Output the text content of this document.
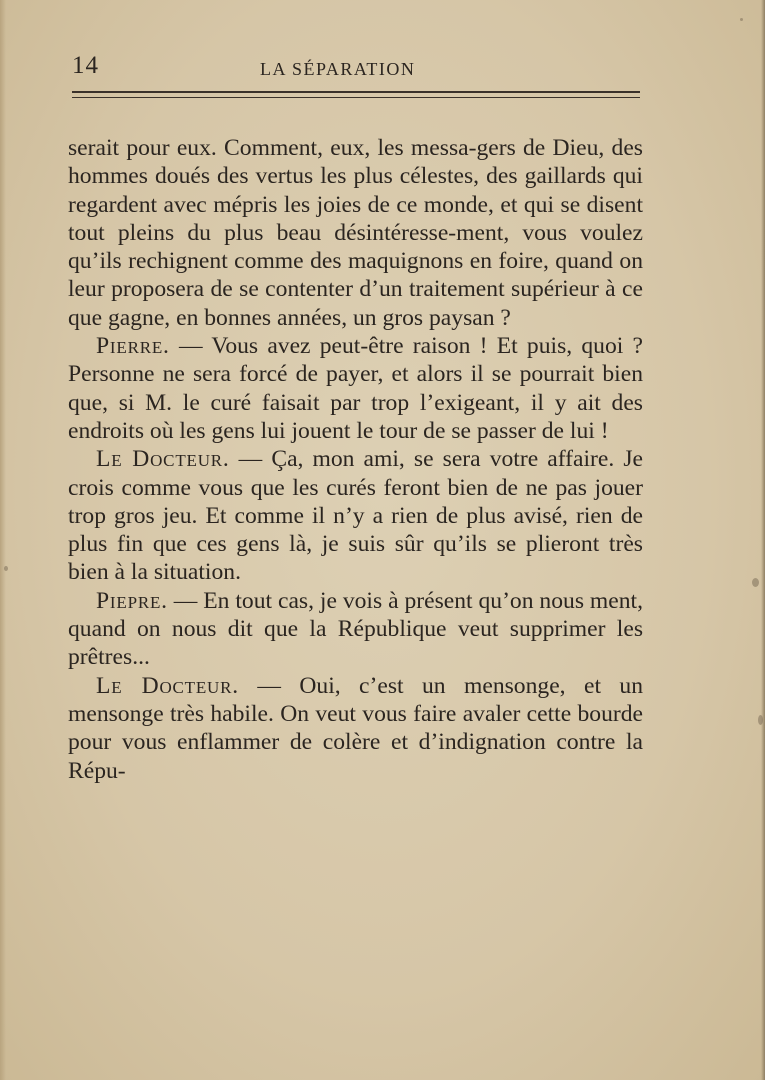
14	LA SÉPARATION

serait pour eux. Comment, eux, les messa-gers de Dieu, des hommes doués des vertus les plus célestes, des gaillards qui regardent avec mépris les joies de ce monde, et qui se disent tout pleins du plus beau désintéresse-ment, vous voulez qu’ils rechignent comme des maquignons en foire, quand on leur proposera de se contenter d’un traitement supérieur à ce que gagne, en bonnes années, un gros paysan ?

Pierre. — Vous avez peut-être raison ! Et puis, quoi ? Personne ne sera forcé de payer, et alors il se pourrait bien que, si M. le curé faisait par trop l’exigeant, il y ait des endroits où les gens lui jouent le tour de se passer de lui !

Le Docteur. — Ça, mon ami, se sera votre affaire. Je crois comme vous que les curés feront bien de ne pas jouer trop gros jeu. Et comme il n’y a rien de plus avisé, rien de plus fin que ces gens là, je suis sûr qu’ils se plieront très bien à la situation.

Piepre. — En tout cas, je vois à présent qu’on nous ment, quand on nous dit que la République veut supprimer les prêtres...

Le Docteur. — Oui, c’est un mensonge, et un mensonge très habile. On veut vous faire avaler cette bourde pour vous enflammer de colère et d’indignation contre la Répu-
